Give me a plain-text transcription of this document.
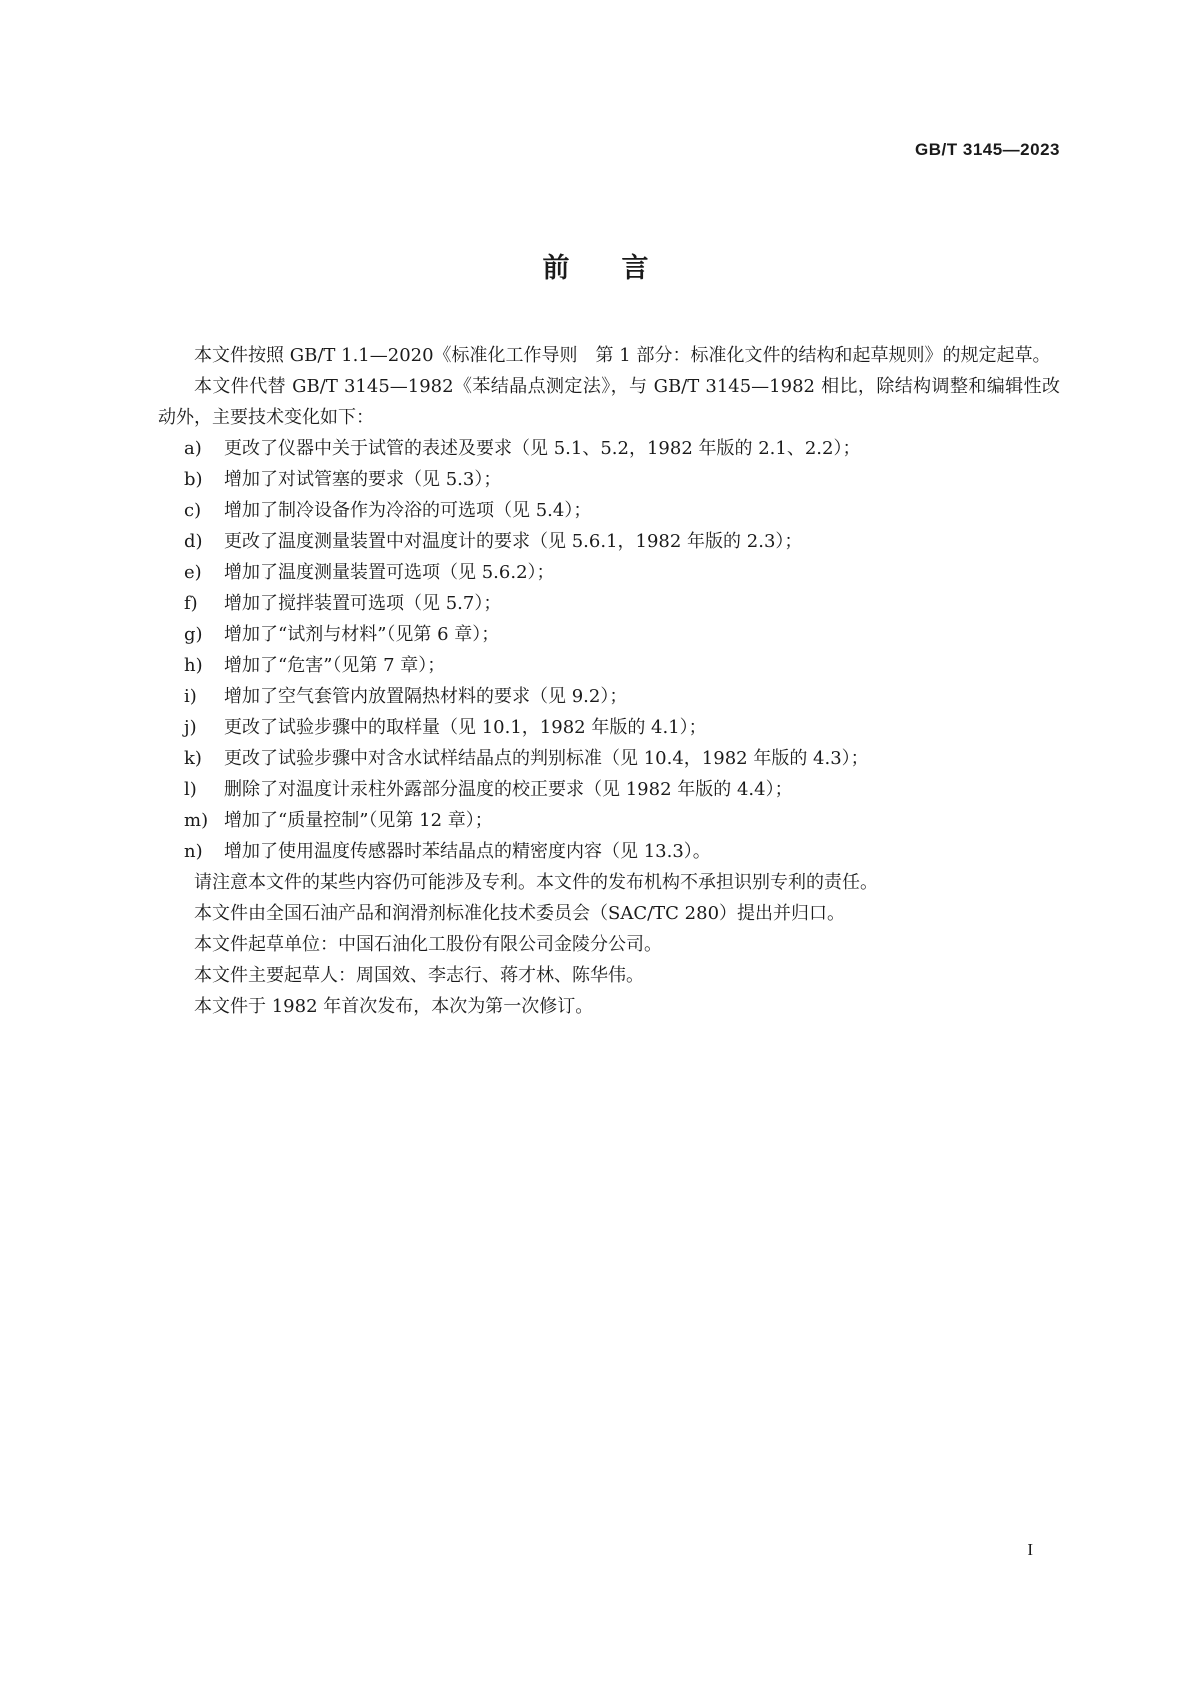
GB/T 3145—2023
前言

本文件按照 GB/T 1.1—2020《标准化工作导则　第 1 部分：标准化文件的结构和起草规则》的规定起草。

本文件代替 GB/T 3145—1982《苯结晶点测定法》，与 GB/T 3145—1982 相比，除结构调整和编辑性改动外，主要技术变化如下：

a)	更改了仪器中关于试管的表述及要求（见 5.1、5.2，1982 年版的 2.1、2.2）；
b)	增加了对试管塞的要求（见 5.3）；
c)	增加了制冷设备作为冷浴的可选项（见 5.4）；
d)	更改了温度测量装置中对温度计的要求（见 5.6.1，1982 年版的 2.3）；
e)	增加了温度测量装置可选项（见 5.6.2）；
f)	增加了搅拌装置可选项（见 5.7）；
g)	增加了“试剂与材料”（见第 6 章）；
h)	增加了“危害”（见第 7 章）；
i)	增加了空气套管内放置隔热材料的要求（见 9.2）；
j)	更改了试验步骤中的取样量（见 10.1，1982 年版的 4.1）；
k)	更改了试验步骤中对含水试样结晶点的判别标准（见 10.4，1982 年版的 4.3）；
l)	删除了对温度计汞柱外露部分温度的校正要求（见 1982 年版的 4.4）；
m) 增加了“质量控制”（见第 12 章）；
n)	增加了使用温度传感器时苯结晶点的精密度内容（见 13.3）。

请注意本文件的某些内容仍可能涉及专利。本文件的发布机构不承担识别专利的责任。

本文件由全国石油产品和润滑剂标准化技术委员会（SAC/TC 280）提出并归口。

本文件起草单位：中国石油化工股份有限公司金陵分公司。

本文件主要起草人：周国效、李志行、蒋才林、陈华伟。

本文件于 1982 年首次发布，本次为第一次修订。

I
